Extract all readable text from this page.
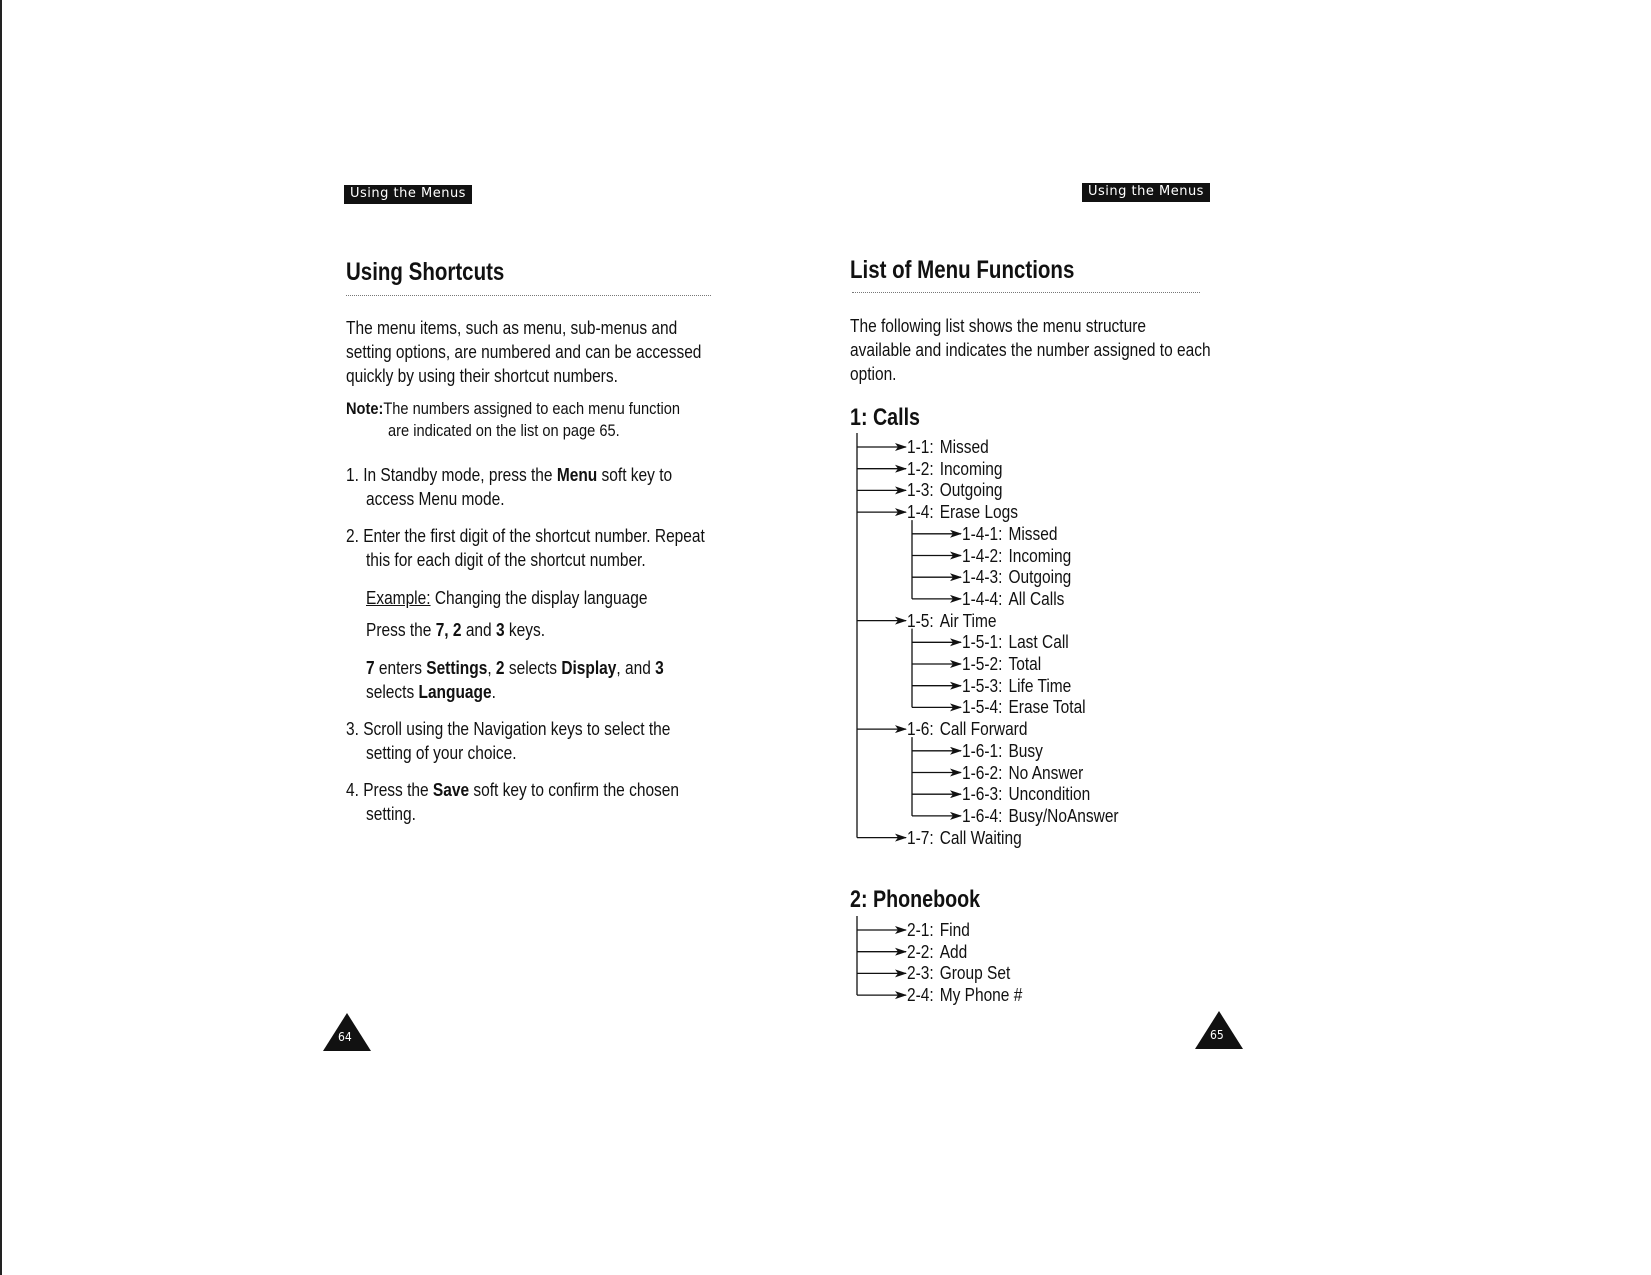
Using the Menus
Using Shortcuts
The menu items, such as menu, sub-menus and
setting options, are numbered and can be accessed
quickly by using their shortcut numbers.
Note:The numbers assigned to each menu function
are indicated on the list on page 65.
1. In Standby mode, press the Menu soft key to
access Menu mode.
2. Enter the first digit of the shortcut number. Repeat
this for each digit of the shortcut number.
Example: Changing the display language
Press the 7, 2 and 3 keys.
7 enters Settings, 2 selects Display, and 3
selects Language.
3. Scroll using the Navigation keys to select the
setting of your choice.
4. Press the Save soft key to confirm the chosen
setting.
64
Using the Menus
List of Menu Functions
The following list shows the menu structure
available and indicates the number assigned to each
option.
1: Calls
2: Phonebook
1-1: Missed
1-2: Incoming
1-3: Outgoing
1-4: Erase Logs
1-4-1: Missed
1-4-2: Incoming
1-4-3: Outgoing
1-4-4: All Calls
1-5: Air Time
1-5-1: Last Call
1-5-2: Total
1-5-3: Life Time
1-5-4: Erase Total
1-6: Call Forward
1-6-1: Busy
1-6-2: No Answer
1-6-3: Uncondition
1-6-4: Busy/NoAnswer
1-7: Call Waiting
2-1: Find
2-2: Add
2-3: Group Set
2-4: My Phone #
65
